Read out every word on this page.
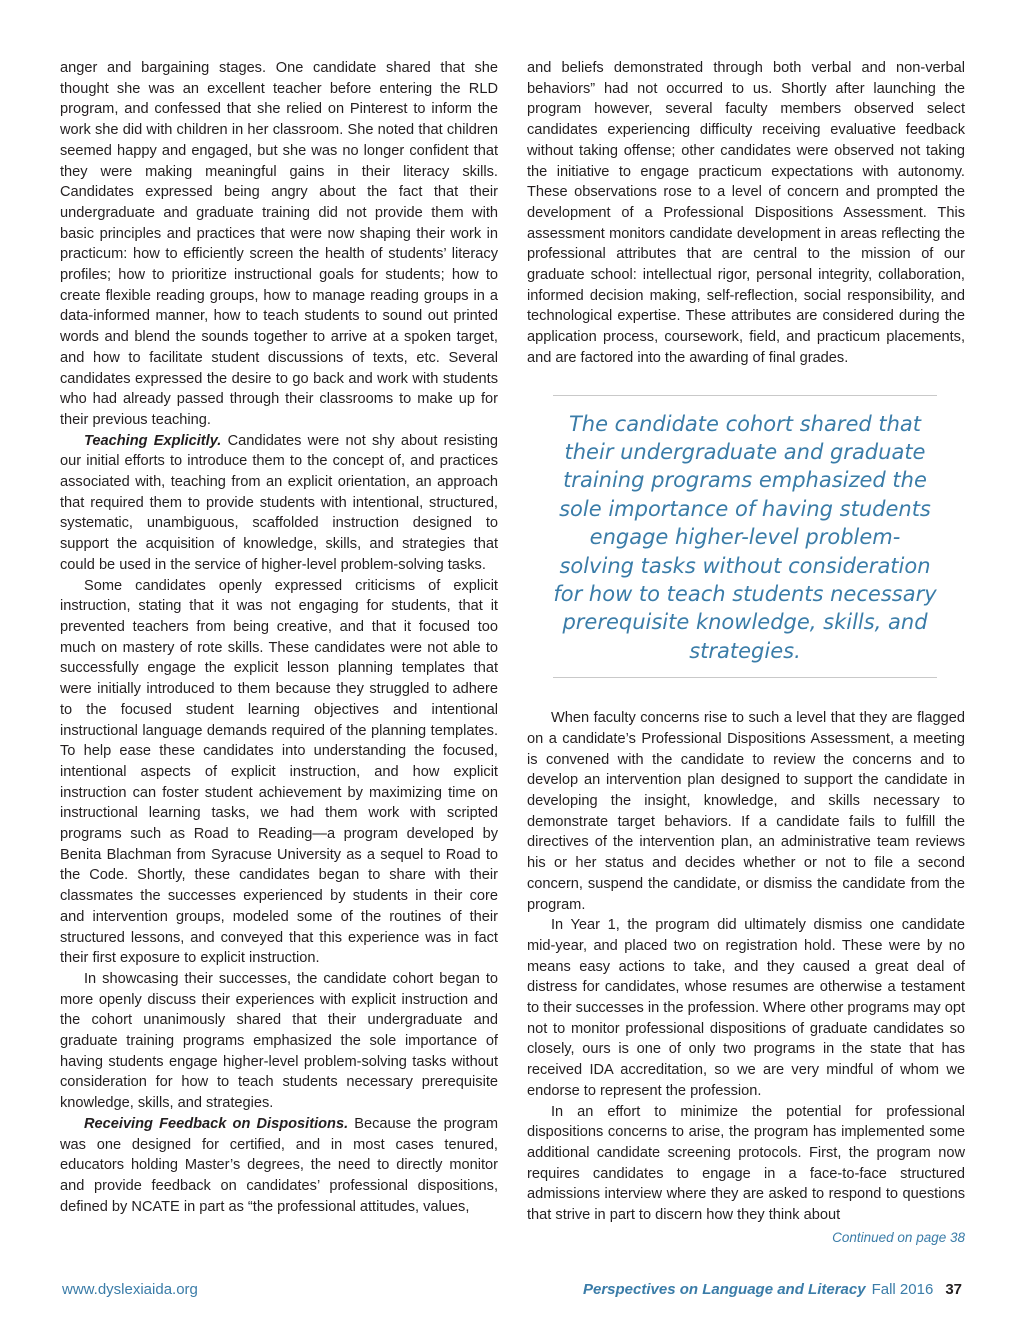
anger and bargaining stages. One candidate shared that she thought she was an excellent teacher before entering the RLD program, and confessed that she relied on Pinterest to inform the work she did with children in her classroom. She noted that children seemed happy and engaged, but she was no longer confident that they were making meaningful gains in their literacy skills. Candidates expressed being angry about the fact that their undergraduate and graduate training did not provide them with basic principles and practices that were now shaping their work in practicum: how to efficiently screen the health of students’ literacy profiles; how to prioritize instructional goals for students; how to create flexible reading groups, how to manage reading groups in a data-informed manner, how to teach students to sound out printed words and blend the sounds together to arrive at a spoken target, and how to facilitate student discussions of texts, etc. Several candidates expressed the desire to go back and work with students who had already passed through their classrooms to make up for their previous teaching.

Teaching Explicitly. Candidates were not shy about resisting our initial efforts to introduce them to the concept of, and practices associated with, teaching from an explicit orientation, an approach that required them to provide students with intentional, structured, systematic, unambiguous, scaffolded instruction designed to support the acquisition of knowledge, skills, and strategies that could be used in the service of higher-level problem-solving tasks.

Some candidates openly expressed criticisms of explicit instruction, stating that it was not engaging for students, that it prevented teachers from being creative, and that it focused too much on mastery of rote skills. These candidates were not able to successfully engage the explicit lesson planning templates that were initially introduced to them because they struggled to adhere to the focused student learning objectives and intentional instructional language demands required of the planning templates. To help ease these candidates into understanding the focused, intentional aspects of explicit instruction, and how explicit instruction can foster student achievement by maximizing time on instructional learning tasks, we had them work with scripted programs such as Road to Reading—a program developed by Benita Blachman from Syracuse University as a sequel to Road to the Code. Shortly, these candidates began to share with their classmates the successes experienced by students in their core and intervention groups, modeled some of the routines of their structured lessons, and conveyed that this experience was in fact their first exposure to explicit instruction.

In showcasing their successes, the candidate cohort began to more openly discuss their experiences with explicit instruction and the cohort unanimously shared that their undergraduate and graduate training programs emphasized the sole importance of having students engage higher-level problem-solving tasks without consideration for how to teach students necessary prerequisite knowledge, skills, and strategies.

Receiving Feedback on Dispositions. Because the program was one designed for certified, and in most cases tenured, educators holding Master’s degrees, the need to directly monitor and provide feedback on candidates’ professional dispositions, defined by NCATE in part as “the professional attitudes, values,

and beliefs demonstrated through both verbal and non-verbal behaviors” had not occurred to us. Shortly after launching the program however, several faculty members observed select candidates experiencing difficulty receiving evaluative feedback without taking offense; other candidates were observed not taking the initiative to engage practicum expectations with autonomy. These observations rose to a level of concern and prompted the development of a Professional Dispositions Assessment. This assessment monitors candidate development in areas reflecting the professional attributes that are central to the mission of our graduate school: intellectual rigor, personal integrity, collaboration, informed decision making, self-reflection, social responsibility, and technological expertise. These attributes are considered during the application process, coursework, field, and practicum placements, and are factored into the awarding of final grades.

The candidate cohort shared that their undergraduate and graduate training programs emphasized the sole importance of having students engage higher-level problem-solving tasks without consideration for how to teach students necessary prerequisite knowledge, skills, and strategies.

When faculty concerns rise to such a level that they are flagged on a candidate’s Professional Dispositions Assessment, a meeting is convened with the candidate to review the concerns and to develop an intervention plan designed to support the candidate in developing the insight, knowledge, and skills necessary to demonstrate target behaviors. If a candidate fails to fulfill the directives of the intervention plan, an administrative team reviews his or her status and decides whether or not to file a second concern, suspend the candidate, or dismiss the candidate from the program.

In Year 1, the program did ultimately dismiss one candidate mid-year, and placed two on registration hold. These were by no means easy actions to take, and they caused a great deal of distress for candidates, whose resumes are otherwise a testament to their successes in the profession. Where other programs may opt not to monitor professional dispositions of graduate candidates so closely, ours is one of only two programs in the state that has received IDA accreditation, so we are very mindful of whom we endorse to represent the profession.

In an effort to minimize the potential for professional dispositions concerns to arise, the program has implemented some additional candidate screening protocols. First, the program now requires candidates to engage in a face-to-face structured admissions interview where they are asked to respond to questions that strive in part to discern how they think about

Continued on page 38
www.dyslexiaida.org	Perspectives on Language and Literacy Fall 2016 37
